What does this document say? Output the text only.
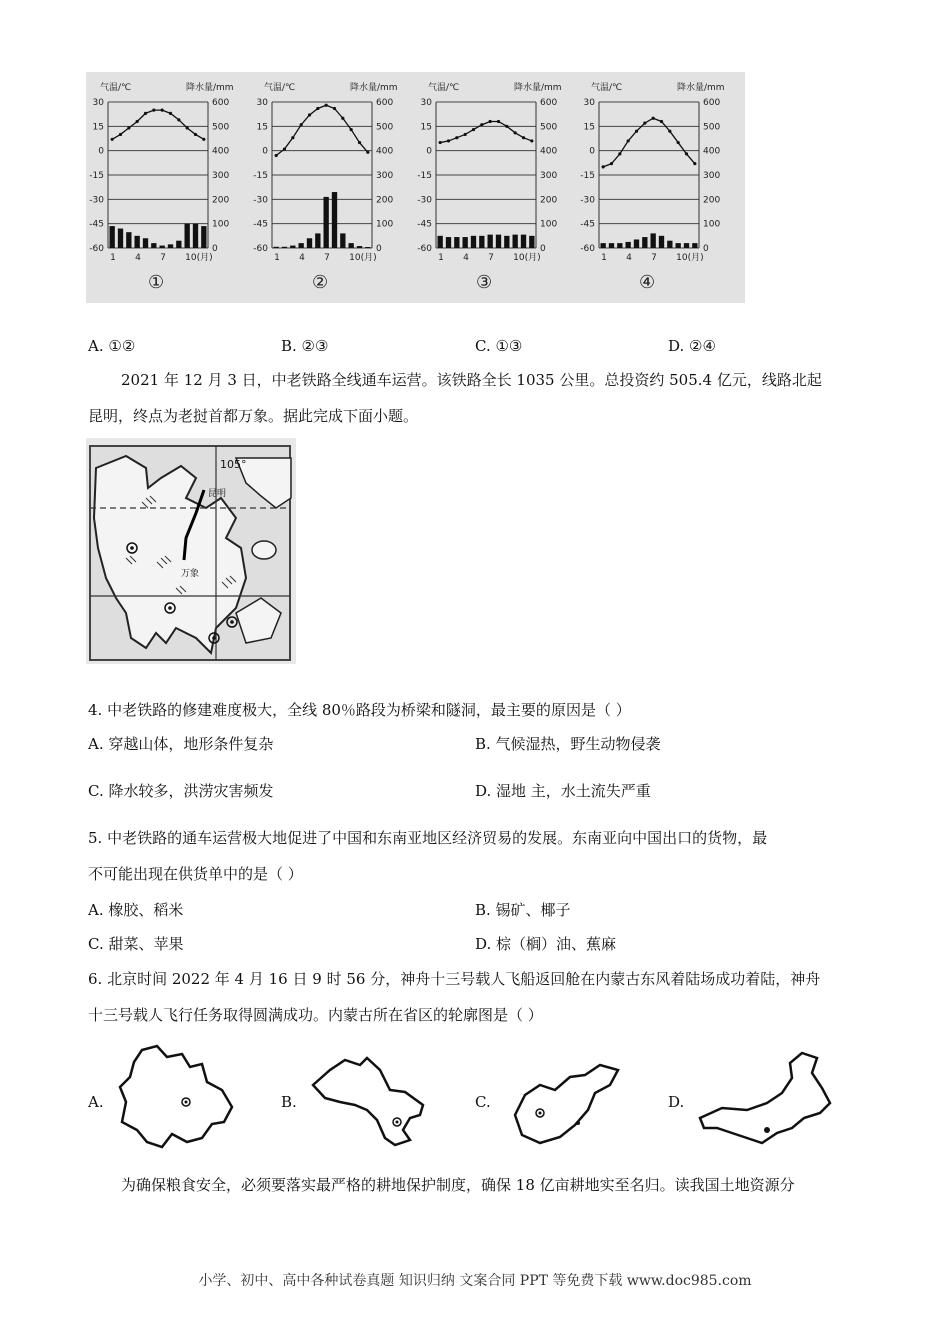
气温/℃	降水量/mm
30	600
15	500
0	400
-15	300
-30	200
-45	100
-60	0
1 4 7 10(月)
①
气温/℃	降水量/mm
30	600
15	500
0	400
-15	300
-30	200
-45	100
-60	0
1 4 7 10(月)
②
气温/℃	降水量/mm
30	600
15	500
0	400
-15	300
-30	200
-45	100
-60	0
1 4 7 10(月)
③
气温/℃	降水量/mm
30	600
15	500
0	400
-15	300
-30	200
-45	100
-60	0
1 4 7 10(月)
④
A. ①②	B. ②③	C. ①③	D. ②④
2021 年 12 月 3 日，中老铁路全线通车运营。该铁路全长 1035 公里。总投资约 505.4 亿元，线路北起
昆明，终点为老挝首都万象。据此完成下面小题。
105°
昆明
万象
4. 中老铁路的修建难度极大，全线 80％路段为桥梁和隧洞，最主要的原因是（ ）
A. 穿越山体，地形条件复杂	B. 气候湿热，野生动物侵袭
C. 降水较多，洪涝灾害频发	D. 湿地 主，水土流失严重
5. 中老铁路的通车运营极大地促进了中国和东南亚地区经济贸易的发展。东南亚向中国出口的货物，最
不可能出现在供货单中的是（ ）
A. 橡胶、稻米	B. 锡矿、椰子
C. 甜菜、苹果	D. 棕（榈）油、蕉麻
6. 北京时间 2022 年 4 月 16 日 9 时 56 分，神舟十三号载人飞船返回舱在内蒙古东风着陆场成功着陆，神舟
十三号载人飞行任务取得圆满成功。内蒙古所在省区的轮廓图是（ ）
A.	B.	C.	D.
为确保粮食安全，必须要落实最严格的耕地保护制度，确保 18 亿亩耕地实至名归。读我国土地资源分
小学、初中、高中各种试卷真题 知识归纳 文案合同 PPT 等免费下载 www.doc985.com
